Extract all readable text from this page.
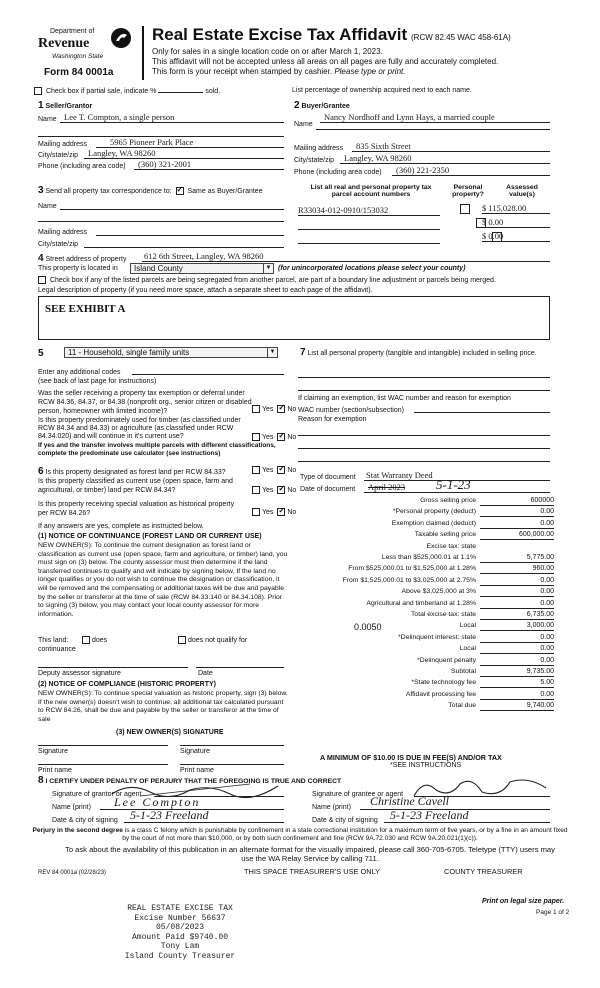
Department of
Revenue
Washington State
Form 84 0001a
Real Estate Excise Tax Affidavit (RCW 82.45 WAC 458-61A)
Only for sales in a single location code on or after March 1, 2023.
This affidavit will not be accepted unless all areas on all pages are fully and accurately completed.
This form is your receipt when stamped by cashier. Please type or print.
Check box if partial sale, indicate %	sold.	List percentage of ownership acquired next to each name.
1 Seller/Grantor
Name Lee T. Compton, a single person
Mailing address	5965 Pioneer Park Place
City/state/zip	Langley, WA 98260
Phone (including area code)	(360) 321-2001
2 Buyer/Grantee
Nancy Nordhoff and Lynn Hays, a married couple
Name
Mailing address	835 Sixth Street
City/state/zip	Langley, WA 98260
Phone (including area code)	(360) 221-2350
3 Send all property tax correspondence to: ✓ Same as Buyer/Grantee
Name
Mailing address
City/state/zip
List all real and personal property tax parcel account numbers
Personal property?
Assessed value(s)
R33034-012-0910/153032
	$ 115,028.00

$ 0.00
$ 0.00
4 Street address of property 612 6th Street, Langley, WA 98260
This property is located in	Island County	▼ (for unincorporated locations please select your county)
Check box if any of the listed parcels are being segregated from another parcel, are part of a boundary line adjustment or parcels being merged.
Legal description of property (if you need more space, attach a separate sheet to each page of the affidavit).
SEE EXHIBIT A
5	11 - Household, single family units	▼
Enter any additional codes
(see back of last page for instructions)
Was the seller receiving a property tax exemption or deferral under RCW 84.36, 84.37, or 84.38 (nonprofit org., senior citizen or disabled person, homeowner with limited income)?	Yes ✓ No
Is this property predominately used for timber (as classified under RCW 84.34 and 84.33) or agriculture (as classified under RCW 84.34.020) and will continue in it's current use?
If yes and the transfer involves multiple parcels with different classifications, complete the predominate use calculator (see instructions)
Yes ✓ No
6 Is this property designated as forest land per RCW 84.33?	Yes ✓ No
Is this property classified as current use (open space, farm and agricultural, or timber) land per RCW 84.34?	Yes ✓ No
Is this property receiving special valuation as historical property per RCW 84.26?	Yes ✓ No
If any answers are yes, complete as instructed below.
(1) NOTICE OF CONTINUANCE (FOREST LAND OR CURRENT USE)
NEW OWNER(S): To continue the current designation as forest land or classification as current use (open space, farm and agriculture, or timber) land, you must sign on (3) below. The county assessor must then determine if the land transferred continues to qualify and will indicate by signing below. If the land no longer qualifies or you do not wish to continue the designation or classification, it will be removed and the compensating or additional taxes will be due and payable by the seller or transferor at the time of sale (RCW 84.33.140 or 84.34.108). Prior to signing (3) below, you may contact your local county assessor for more information.
This land:	does	does not qualify for
continuance
Deputy assessor signature	Date
(2) NOTICE OF COMPLIANCE (HISTORIC PROPERTY)
NEW OWNER(S): To continue special valuation as historic property, sign (3) below. If the new owner(s) doesn't wish to continue, all additional tax calculated pursuant to RCW 84.26, shall be due and payable by the seller or transferor at the time of sale
(3) NEW OWNER(S) SIGNATURE
Signature	Signature
Print name	Print name
7 List all personal property (tangible and intangible) included in selling price.
If claiming an exemption, list WAC number and reason for exemption
WAC number (section/subsection)
Reason for exemption
Type of document Stat Warranty Deed
Date of document	April 2023 5-1-23
Gross selling price	600000
*Personal property (deduct)	0.00
Exemption claimed (deduct)	0.00
Taxable selling price	600,000.00
Excise tax: state
Less than $525,000.01 at 1.1%	5,775.00
From $525,000.01 to $1,525,000 at 1.28%	960.00
From $1,525,000.01 to $3,025,000 at 2.75%	0.00
Above $3,025,000 at 3%	0.00
Agricultural and timberland at 1.28%	0.00
Total excise tax: state	6,735.00
0.0050	Local	3,000.00
*Delinquent interest: state	0.00
Local	0.00
*Delinquent penalty	0.00
Subtotal	9,735.00
*State technology fee	5.00
Affidavit processing fee	0.00
Total due	9,740.00
A MINIMUM OF $10.00 IS DUE IN FEE(S) AND/OR TAX
*SEE INSTRUCTIONS
8 I CERTIFY UNDER PENALTY OF PERJURY THAT THE FOREGOING IS TRUE AND CORRECT
Signature of grantor or agent
Name (print) Lee Compton
Date & city of signing 5-1-23 Freeland
Signature of grantee or agent
Name (print) Christine Cavell
Date & city of signing 5-1-23 Freeland
Perjury in the second degree is a class C felony which is punishable by confinement in a state correctional institution for a maximum term of five years, or by a fine in an amount fixed by the court of not more than $10,000, or by both such confinement and fine (RCW 9A.72.030 and RCW 9A.20.021(1)(c)).
To ask about the availability of this publication in an alternate format for the visually impaired, please call 360-705-6705. Teletype (TTY) users may use the WA Relay Service by calling 711.
REV 84 0001a (02/28/23)	THIS SPACE TREASURER'S USE ONLY	COUNTY TREASURER
REAL ESTATE EXCISE TAX
Excise Number 56637
05/08/2023
Amount Paid $9740.00
Tony Lam
Island County Treasurer
Print on legal size paper.
Page 1 of 2
